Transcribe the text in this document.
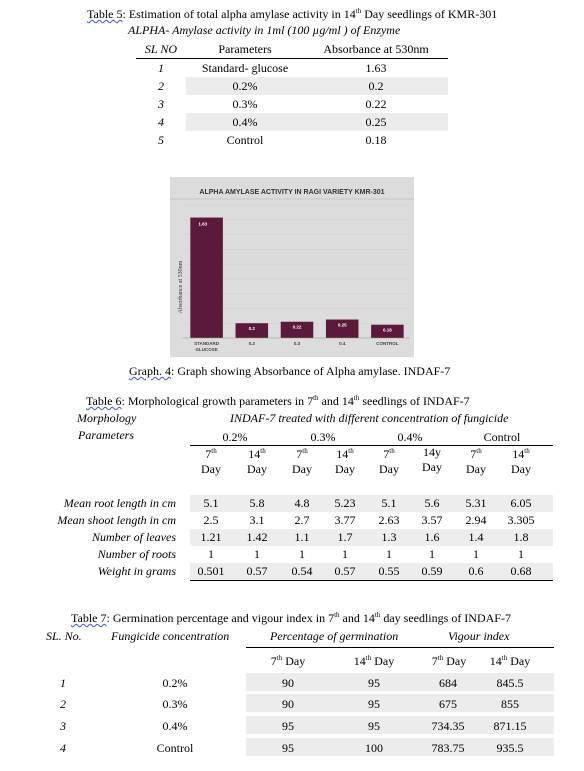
Table 5: Estimation of total alpha amylase activity in 14th Day seedlings of KMR-301
ALPHA- Amylase activity in 1ml (100 µg/ml ) of Enzyme
SL NO	Parameters	Absorbance at 530nm
1	Standard- glucose	1.63
2	0.2%	0.2
3	0.3%	0.22
4	0.4%	0.25
5	Control	0.18
ALPHA AMYLASE ACTIVITY IN RAGI VARIETY KMR-301
Absorbance at 530nm
1.63
0.2	0.22	0.25
0.18
STANDARD GLUCOSE
0.2	0.3	0.4	CONTROL
Graph. 4: Graph showing Absorbance of Alpha amylase. INDAF-7
Table 6: Morphological growth parameters in 7th and 14th seedlings of INDAF-7
Morphology
Parameters
INDAF-7 treated with different concentration of fungicide
0.2%	0.3%	0.4%	Control
7th
Day
14th
Day
7th
Day
14th
Day
7th
Day
14y
Day
7th
Day
14th
Day
Mean root length in cm	5.1	5.8	4.8	5.23	5.1	5.6	5.31	6.05
Mean shoot length in cm	2.5	3.1	2.7	3.77	2.63	3.57	2.94	3.305
Number of leaves	1.21	1.42	1.1	1.7	1.3	1.6	1.4	1.8
Number of roots	1	1	1	1	1	1	1	1
Weight in grams 0.501	0.57	0.54	0.57	0.55	0.59	0.6	0.68
Table 7: Germination percentage and vigour index in 7th and 14th day seedlings of INDAF-7
SL. No. Fungicide concentration	Percentage of germination	Vigour index
7th Day	14th Day	7th Day	14th Day
1	0.2%	90	95	684	845.5
2	0.3%	90	95	675	855
3	0.4%	95	95	734.35 871.15
4	Control	95	100	783.75	935.5
